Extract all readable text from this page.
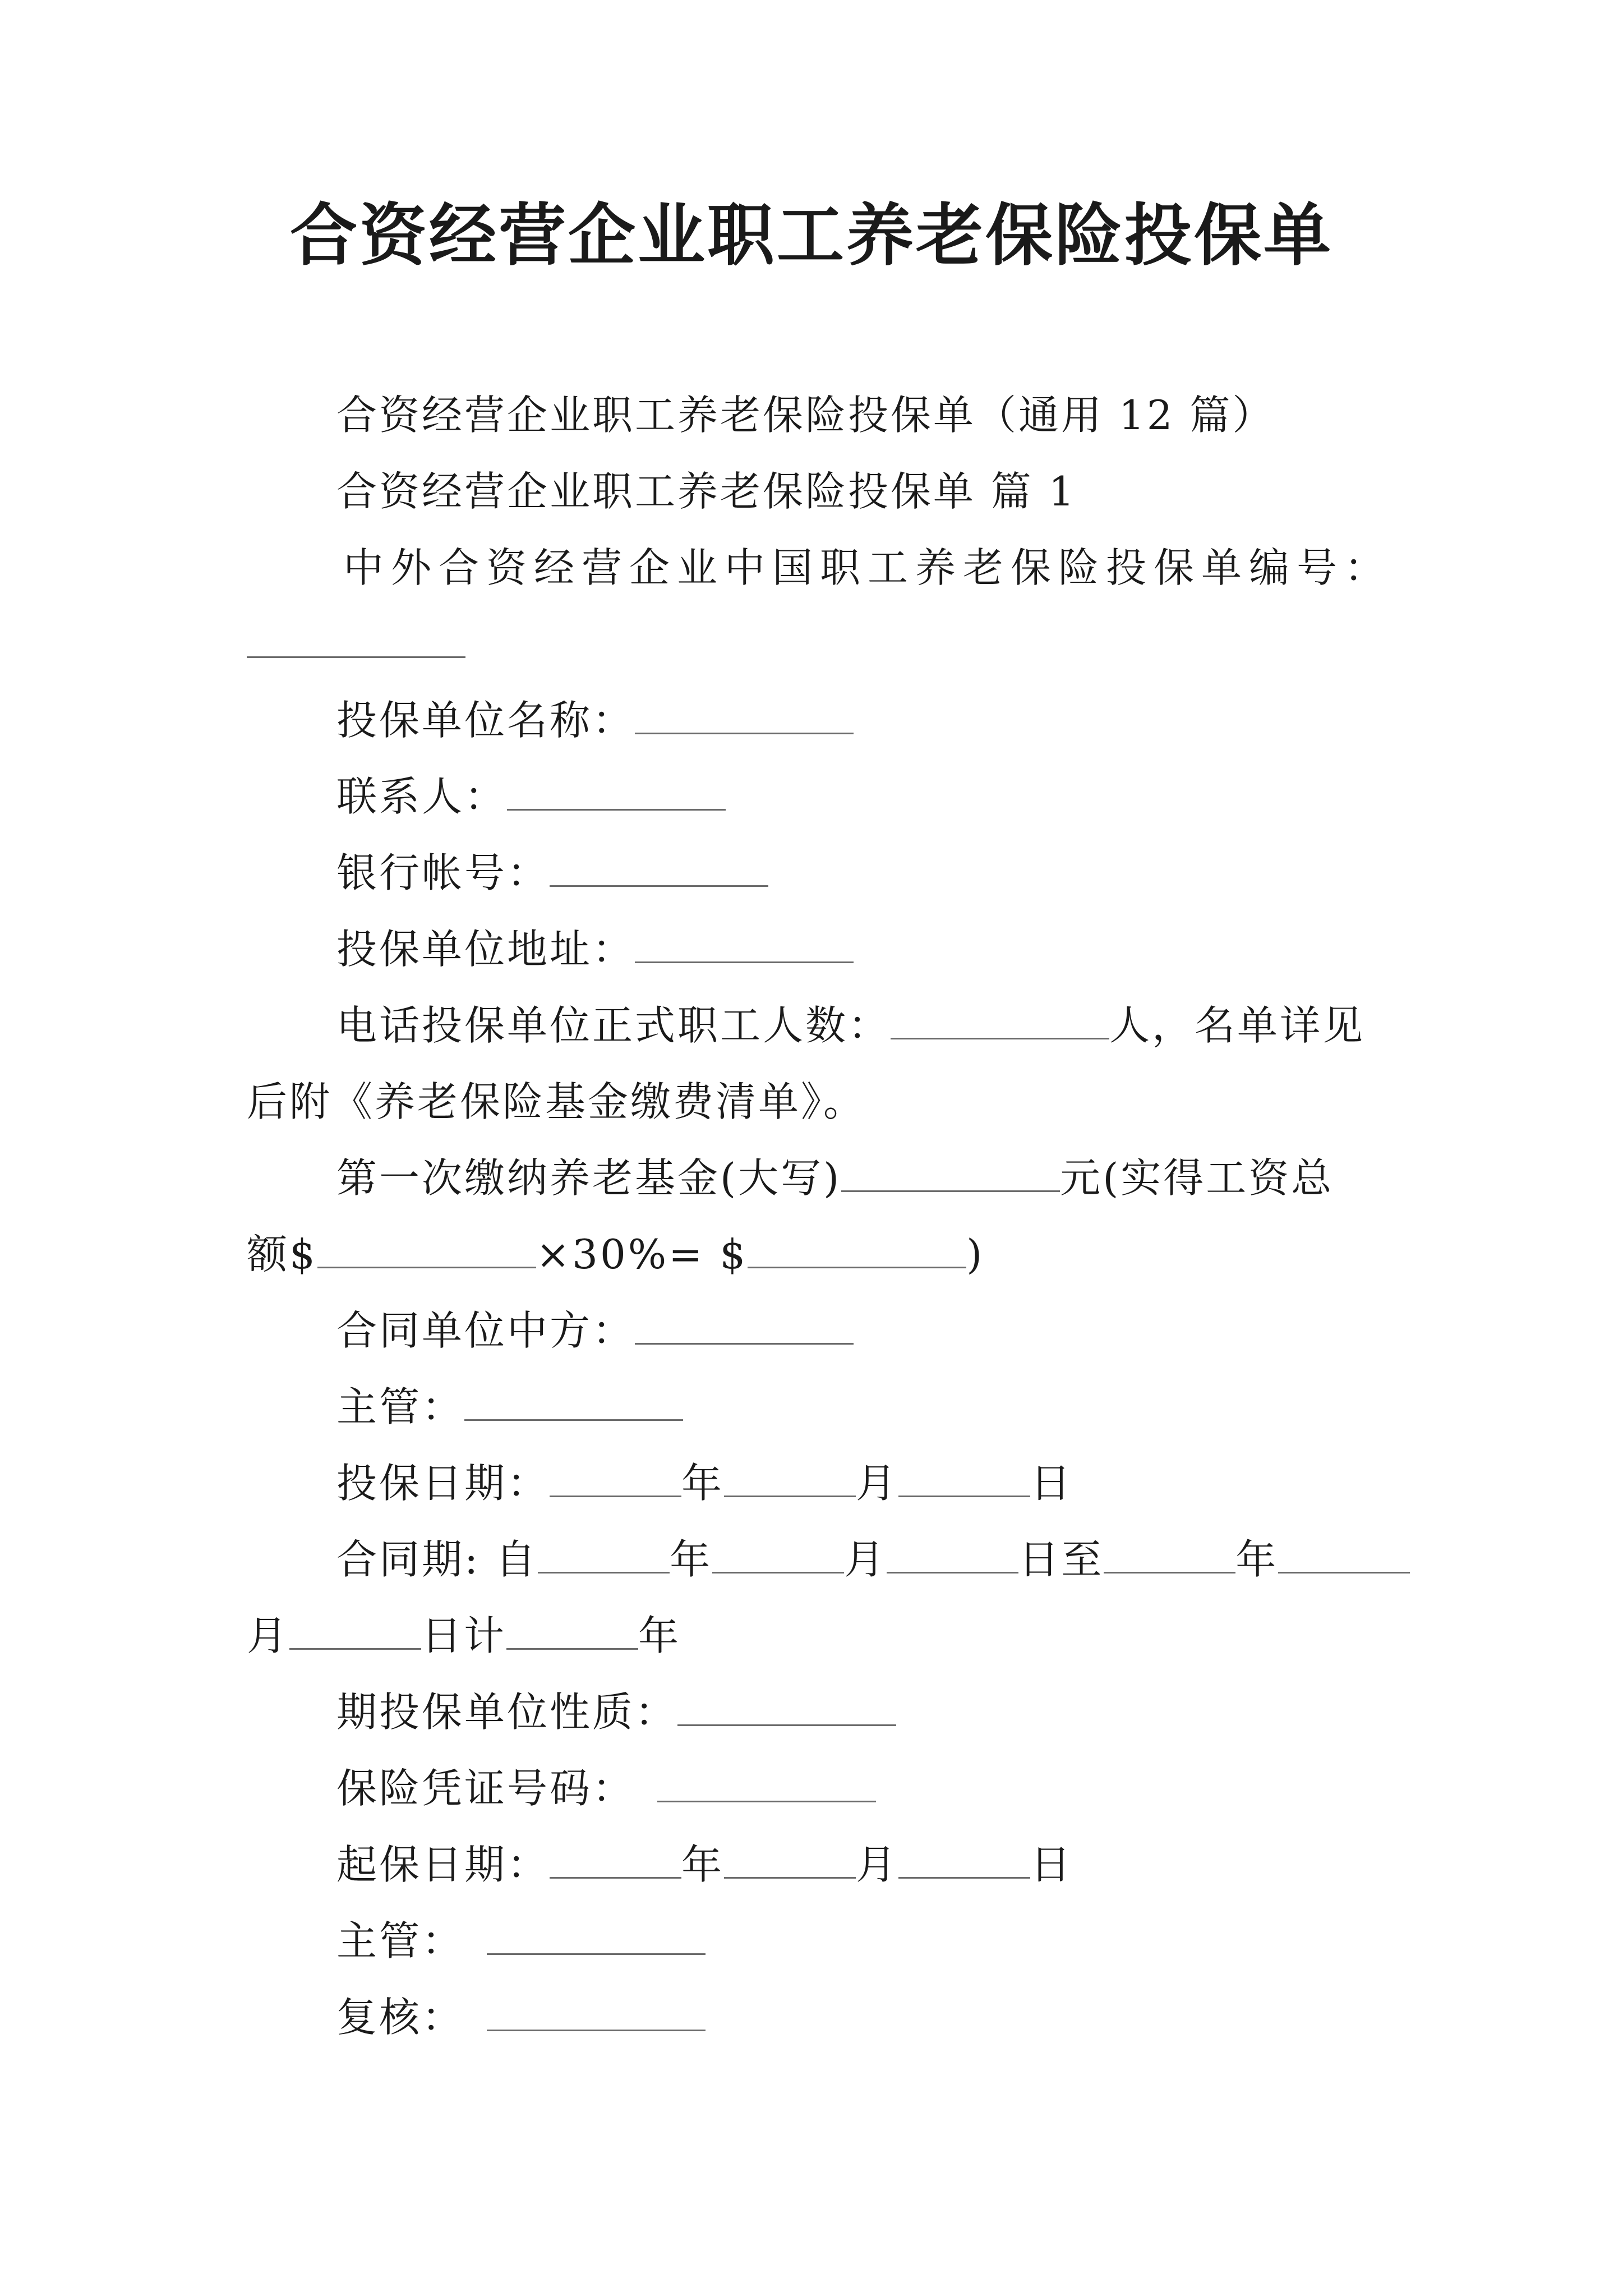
合资经营企业职工养老保险投保单
合资经营企业职工养老保险投保单（通用 12 篇）
合资经营企业职工养老保险投保单 篇 1
中外合资经营企业中国职工养老保险投保单编号：
投保单位名称：
联系人：
银行帐号：
投保单位地址：
电话投保单位正式职工人数：	人，名单详见
后附《养老保险基金缴费清单》。
第一次缴纳养老基金(大写)	元(实得工资总
额$	×30%= $	)
合同单位中方：
主管：
投保日期：	年	月	日
合同期: 自	年	月	日至	年
月	日计	年
期投保单位性质：
保险凭证号码：
起保日期：	年	月	日
主管：
复核：
